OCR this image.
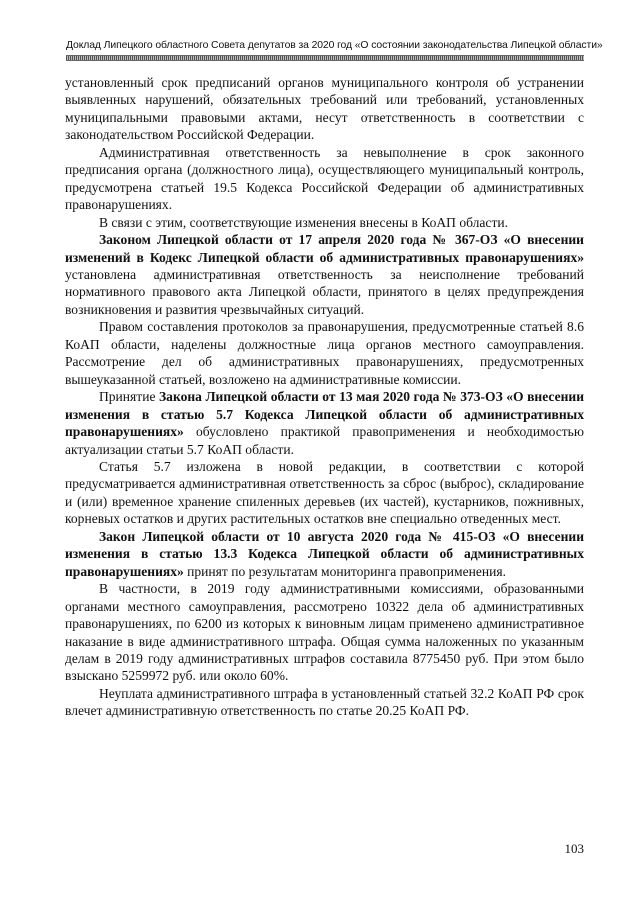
Доклад Липецкого областного Совета депутатов за 2020 год «О состоянии законодательства Липецкой области»

установленный срок предписаний органов муниципального контроля об устранении выявленных нарушений, обязательных требований или требований, установленных муниципальными правовыми актами, несут ответственность в соответствии с законодательством Российской Федерации.

Административная ответственность за невыполнение в срок законного предписания органа (должностного лица), осуществляющего муниципальный контроль, предусмотрена статьей 19.5 Кодекса Российской Федерации об административных правонарушениях.

В связи с этим, соответствующие изменения внесены в КоАП области.

Законом Липецкой области от 17 апреля 2020 года № 367-ОЗ «О внесении изменений в Кодекс Липецкой области об административных правонарушениях» установлена административная ответственность за неисполнение требований нормативного правового акта Липецкой области, принятого в целях предупреждения возникновения и развития чрезвычайных ситуаций.

Правом составления протоколов за правонарушения, предусмотренные статьей 8.6 КоАП области, наделены должностные лица органов местного самоуправления. Рассмотрение дел об административных правонарушениях, предусмотренных вышеуказанной статьей, возложено на административные комиссии.

Принятие Закона Липецкой области от 13 мая 2020 года № 373-ОЗ «О внесении изменения в статью 5.7 Кодекса Липецкой области об административных правонарушениях» обусловлено практикой правоприменения и необходимостью актуализации статьи 5.7 КоАП области.

Статья 5.7 изложена в новой редакции, в соответствии с которой предусматривается административная ответственность за сброс (выброс), складирование и (или) временное хранение спиленных деревьев (их частей), кустарников, пожнивных, корневых остатков и других растительных остатков вне специально отведенных мест.

Закон Липецкой области от 10 августа 2020 года № 415-ОЗ «О внесении изменения в статью 13.3 Кодекса Липецкой области об административных правонарушениях» принят по результатам мониторинга правоприменения.

В частности, в 2019 году административными комиссиями, образованными органами местного самоуправления, рассмотрено 10322 дела об административных правонарушениях, по 6200 из которых к виновным лицам применено административное наказание в виде административного штрафа. Общая сумма наложенных по указанным делам в 2019 году административных штрафов составила 8775450 руб. При этом было взыскано 5259972 руб. или около 60%.

Неуплата административного штрафа в установленный статьей 32.2 КоАП РФ срок влечет административную ответственность по статье 20.25 КоАП РФ.

103
